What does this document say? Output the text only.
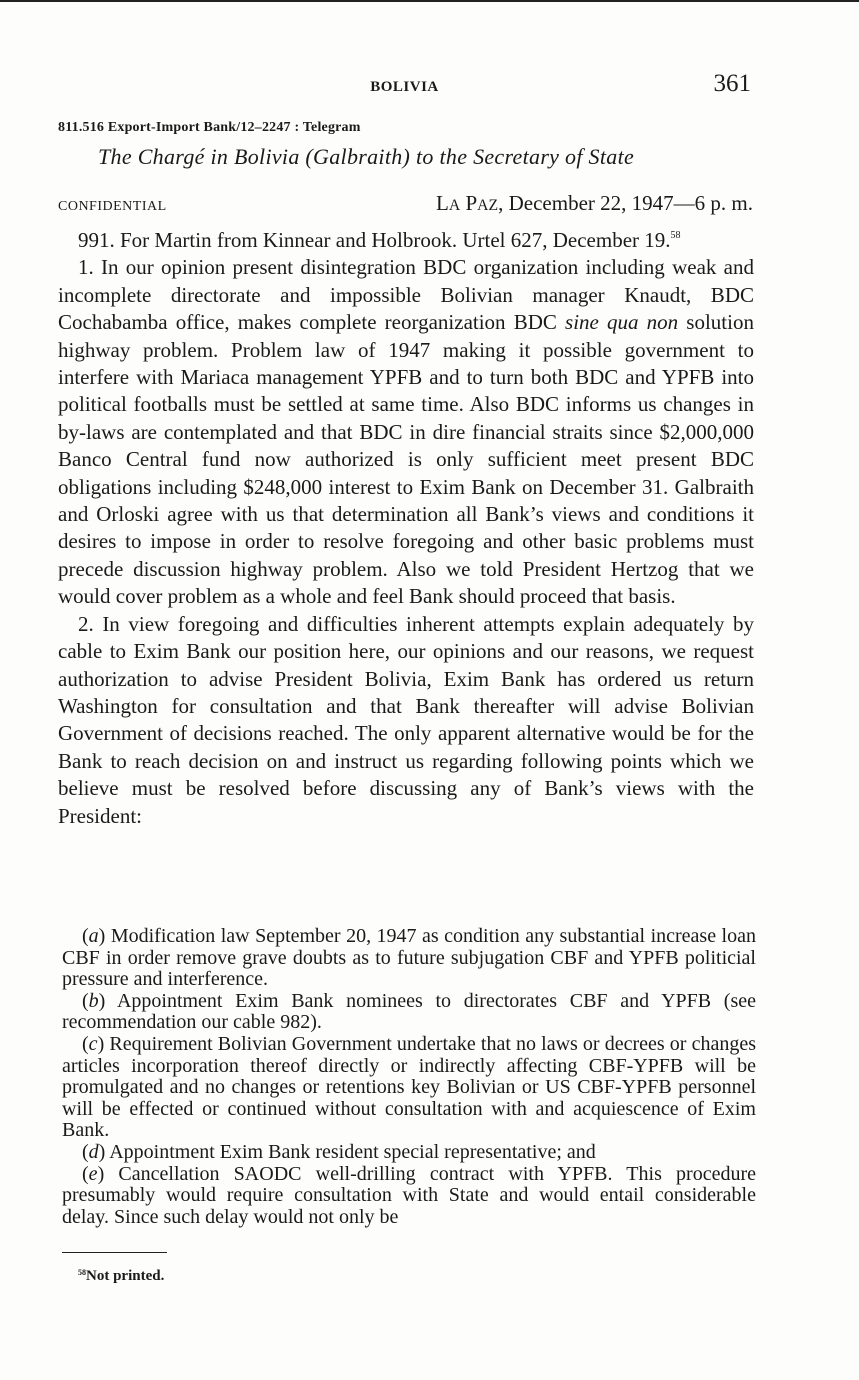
BOLIVIA	361
811.516 Export-Import Bank/12–2247 : Telegram
The Chargé in Bolivia (Galbraith) to the Secretary of State
CONFIDENTIAL	LA PAZ, December 22, 1947—6 p. m.

991. For Martin from Kinnear and Holbrook. Urtel 627, December 19.58

1. In our opinion present disintegration BDC organization including weak and incomplete directorate and impossible Bolivian manager Knaudt, BDC Cochabamba office, makes complete reorganization BDC sine qua non solution highway problem. Problem law of 1947 making it possible government to interfere with Mariaca management YPFB and to turn both BDC and YPFB into political footballs must be settled at same time. Also BDC informs us changes in by-laws are contemplated and that BDC in dire financial straits since $2,000,000 Banco Central fund now authorized is only sufficient meet present BDC obligations including $248,000 interest to Exim Bank on December 31. Galbraith and Orloski agree with us that determination all Bank’s views and conditions it desires to impose in order to resolve foregoing and other basic problems must precede discussion highway problem. Also we told President Hertzog that we would cover problem as a whole and feel Bank should proceed that basis.

2. In view foregoing and difficulties inherent attempts explain adequately by cable to Exim Bank our position here, our opinions and our reasons, we request authorization to advise President Bolivia, Exim Bank has ordered us return Washington for consultation and that Bank thereafter will advise Bolivian Government of decisions reached. The only apparent alternative would be for the Bank to reach decision on and instruct us regarding following points which we believe must be resolved before discussing any of Bank’s views with the President:

(a) Modification law September 20, 1947 as condition any substantial increase loan CBF in order remove grave doubts as to future subjugation CBF and YPFB politicial pressure and interference.

(b) Appointment Exim Bank nominees to directorates CBF and YPFB (see recommendation our cable 982).

(c) Requirement Bolivian Government undertake that no laws or decrees or changes articles incorporation thereof directly or indirectly affecting CBF-YPFB will be promulgated and no changes or retentions key Bolivian or US CBF-YPFB personnel will be effected or continued without consultation with and acquiescence of Exim Bank.

(d) Appointment Exim Bank resident special representative; and

(e) Cancellation SAODC well-drilling contract with YPFB. This procedure presumably would require consultation with State and would entail considerable delay. Since such delay would not only be

$^{58}$Not printed.
